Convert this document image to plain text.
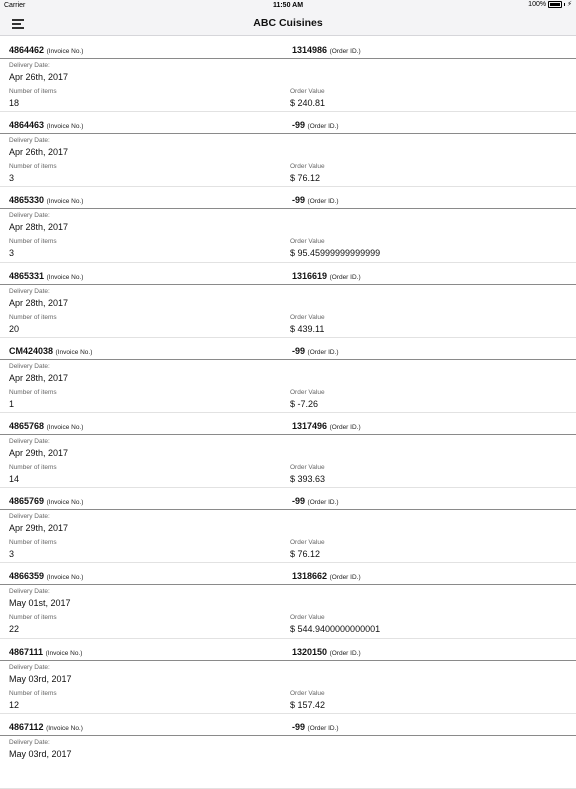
Carrier	11:50 AM	100%	⚡
ABC Cuisines
4864462 (Invoice No.)	1314986 (Order ID.)
Delivery Date:
Apr 26th, 2017
Number of items
18
Order Value
$ 240.81
4864463 (Invoice No.)	-99 (Order ID.)
Delivery Date:
Apr 26th, 2017
Number of items
3
Order Value
$ 76.12
4865330 (Invoice No.)	-99 (Order ID.)
Delivery Date:
Apr 28th, 2017
Number of items
3
Order Value
$ 95.45999999999999
4865331 (Invoice No.)	1316619 (Order ID.)
Delivery Date:
Apr 28th, 2017
Number of items
20
Order Value
$ 439.11
CM424038 (Invoice No.)	-99 (Order ID.)
Delivery Date:
Apr 28th, 2017
Number of items
1
Order Value
$ -7.26
4865768 (Invoice No.)	1317496 (Order ID.)
Delivery Date:
Apr 29th, 2017
Number of items
14
Order Value
$ 393.63
4865769 (Invoice No.)	-99 (Order ID.)
Delivery Date:
Apr 29th, 2017
Number of items
3
Order Value
$ 76.12
4866359 (Invoice No.)	1318662 (Order ID.)
Delivery Date:
May 01st, 2017
Number of items
22
Order Value
$ 544.9400000000001
4867111 (Invoice No.)	1320150 (Order ID.)
Delivery Date:
May 03rd, 2017
Number of items
12
Order Value
$ 157.42
4867112 (Invoice No.)	-99 (Order ID.)
Delivery Date:
May 03rd, 2017
